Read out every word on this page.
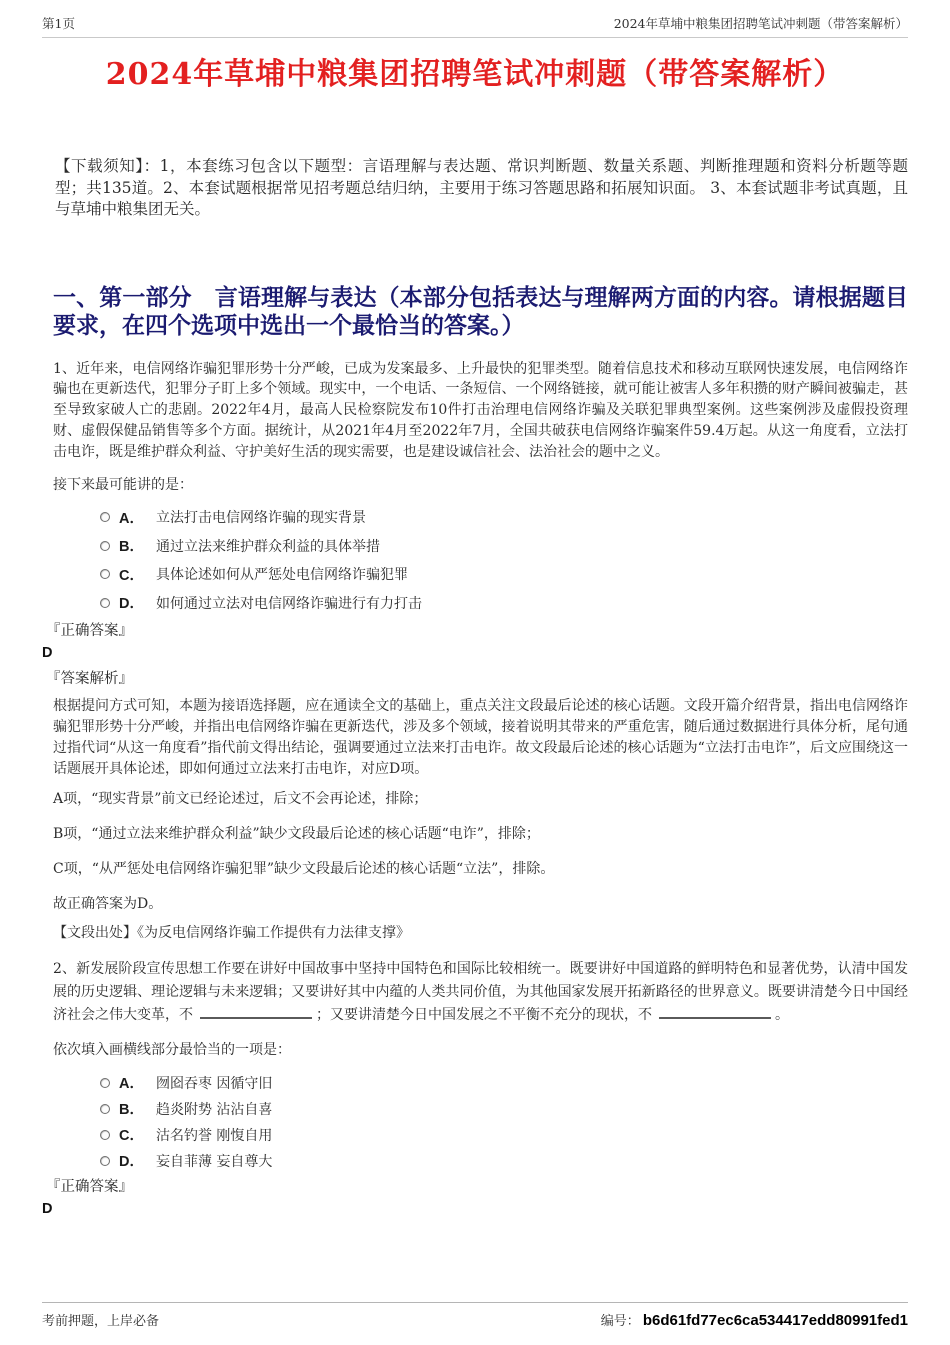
第1页	2024年草埔中粮集团招聘笔试冲刺题（带答案解析）
2024年草埔中粮集团招聘笔试冲刺题（带答案解析）

【下载须知】：1，本套练习包含以下题型：言语理解与表达题、常识判断题、数量关系题、判断推理题和资料分析题等题型；共135道。2、本套试题根据常见招考题总结归纳，主要用于练习答题思路和拓展知识面。 3、本套试题非考试真题，且与草埔中粮集团无关。

一、第一部分　言语理解与表达（本部分包括表达与理解两方面的内容。请根据题目要求，在四个选项中选出一个最恰当的答案。）

1、近年来，电信网络诈骗犯罪形势十分严峻，已成为发案最多、上升最快的犯罪类型。随着信息技术和移动互联网快速发展，电信网络诈骗也在更新迭代，犯罪分子盯上多个领域。现实中，一个电话、一条短信、一个网络链接，就可能让被害人多年积攒的财产瞬间被骗走，甚至导致家破人亡的悲剧。2022年4月，最高人民检察院发布10件打击治理电信网络诈骗及关联犯罪典型案例。这些案例涉及虚假投资理财、虚假保健品销售等多个方面。据统计，从2021年4月至2022年7月，全国共破获电信网络诈骗案件59.4万起。从这一角度看，立法打击电诈，既是维护群众利益、守护美好生活的现实需要，也是建设诚信社会、法治社会的题中之义。

接下来最可能讲的是：

A． 立法打击电信网络诈骗的现实背景
B． 通过立法来维护群众利益的具体举措
C． 具体论述如何从严惩处电信网络诈骗犯罪
D． 如何通过立法对电信网络诈骗进行有力打击

『正确答案』

D

『答案解析』

根据提问方式可知，本题为接语选择题，应在通读全文的基础上，重点关注文段最后论述的核心话题。文段开篇介绍背景，指出电信网络诈骗犯罪形势十分严峻，并指出电信网络诈骗在更新迭代，涉及多个领域，接着说明其带来的严重危害，随后通过数据进行具体分析，尾句通过指代词“从这一角度看”指代前文得出结论，强调要通过立法来打击电诈。故文段最后论述的核心话题为“立法打击电诈”，后文应围绕这一话题展开具体论述，即如何通过立法来打击电诈，对应D项。

A项，“现实背景”前文已经论述过，后文不会再论述，排除；

B项，“通过立法来维护群众利益”缺少文段最后论述的核心话题“电诈”，排除；

C项，“从严惩处电信网络诈骗犯罪”缺少文段最后论述的核心话题“立法”，排除。

故正确答案为D。

【文段出处】《为反电信网络诈骗工作提供有力法律支撑》

2、新发展阶段宣传思想工作要在讲好中国故事中坚持中国特色和国际比较相统一。既要讲好中国道路的鲜明特色和显著优势，认清中国发展的历史逻辑、理论逻辑与未来逻辑；又要讲好其中内蕴的人类共同价值，为其他国家发展开拓新路径的世界意义。既要讲清楚今日中国经济社会之伟大变革，不	；又要讲清楚今日中国发展之不平衡不充分的现状，不	。

依次填入画横线部分最恰当的一项是：

A． 囫囵吞枣 因循守旧
B． 趋炎附势 沾沾自喜
C． 沽名钓誉 刚愎自用
D． 妄自菲薄 妄自尊大

『正确答案』

D

考前押题，上岸必备	编号： b6d61fd77ec6ca534417edd80991fed1
